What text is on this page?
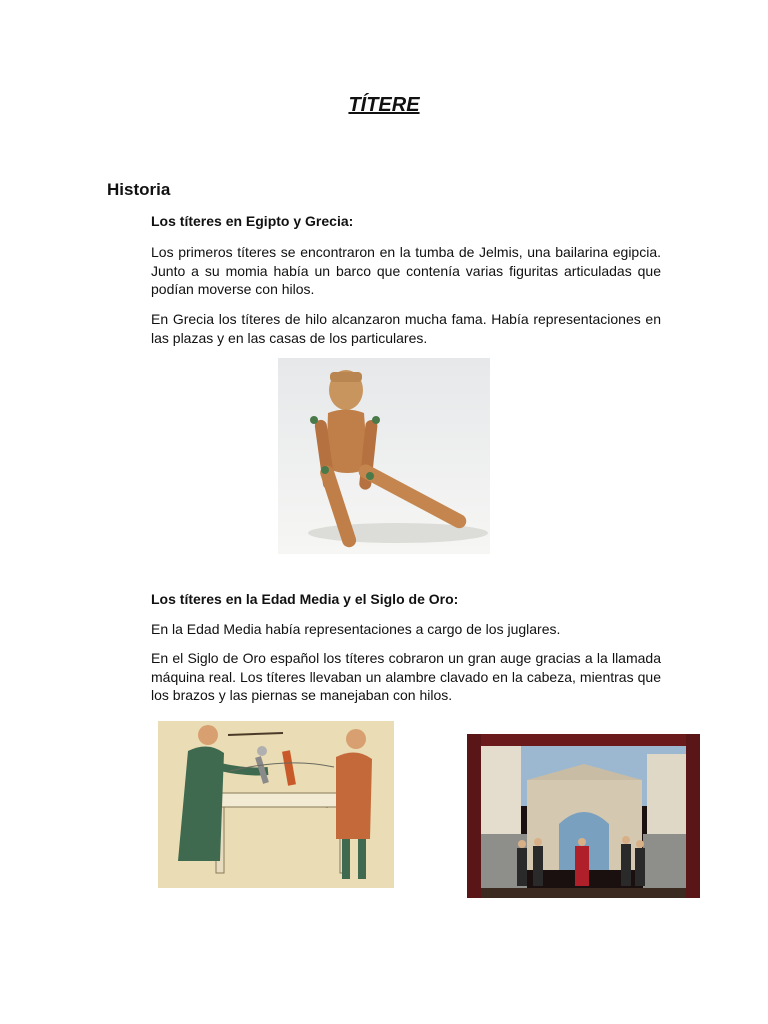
TÍTERE
Historia
Los títeres en Egipto y Grecia:

Los primeros títeres se encontraron en la tumba de Jelmis, una bailarina egipcia. Junto a su momia había un barco que contenía varias figuritas articuladas que podían moverse con hilos.

En Grecia los títeres de hilo alcanzaron mucha fama. Había representaciones en las plazas y en las casas de los particulares.

Los títeres en la Edad Media y el Siglo de Oro:

En la Edad Media había representaciones a cargo de los juglares.

En el Siglo de Oro español los títeres cobraron un gran auge gracias a la llamada máquina real. Los títeres llevaban un alambre clavado en la cabeza, mientras que los brazos y las piernas se manejaban con hilos.
